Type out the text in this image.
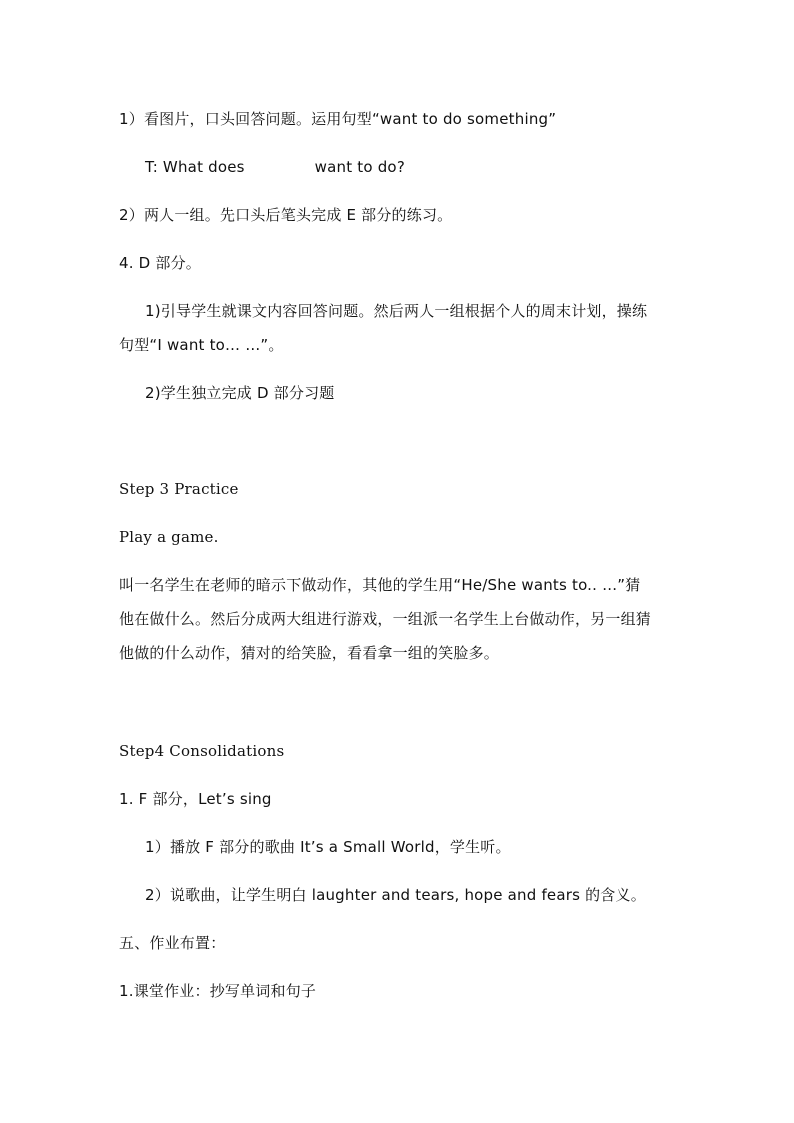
1）看图片，口头回答问题。运用句型“want to do something”
T: What does	want to do?
2）两人一组。先口头后笔头完成 E 部分的练习。
4. D 部分。
1)引导学生就课文内容回答问题。然后两人一组根据个人的周末计划，操练
句型“I want to… …”。
2)学生独立完成 D 部分习题
Step 3 Practice
Play a game.
叫一名学生在老师的暗示下做动作，其他的学生用“He/She wants to.. …”猜
他在做什么。然后分成两大组进行游戏，一组派一名学生上台做动作，另一组猜
他做的什么动作，猜对的给笑脸，看看拿一组的笑脸多。
Step4 Consolidations
1. F 部分，Let’s sing
1）播放 F 部分的歌曲 It’s a Small World，学生听。
2）说歌曲，让学生明白 laughter and tears, hope and fears 的含义。
五、作业布置：
1.课堂作业：抄写单词和句子
